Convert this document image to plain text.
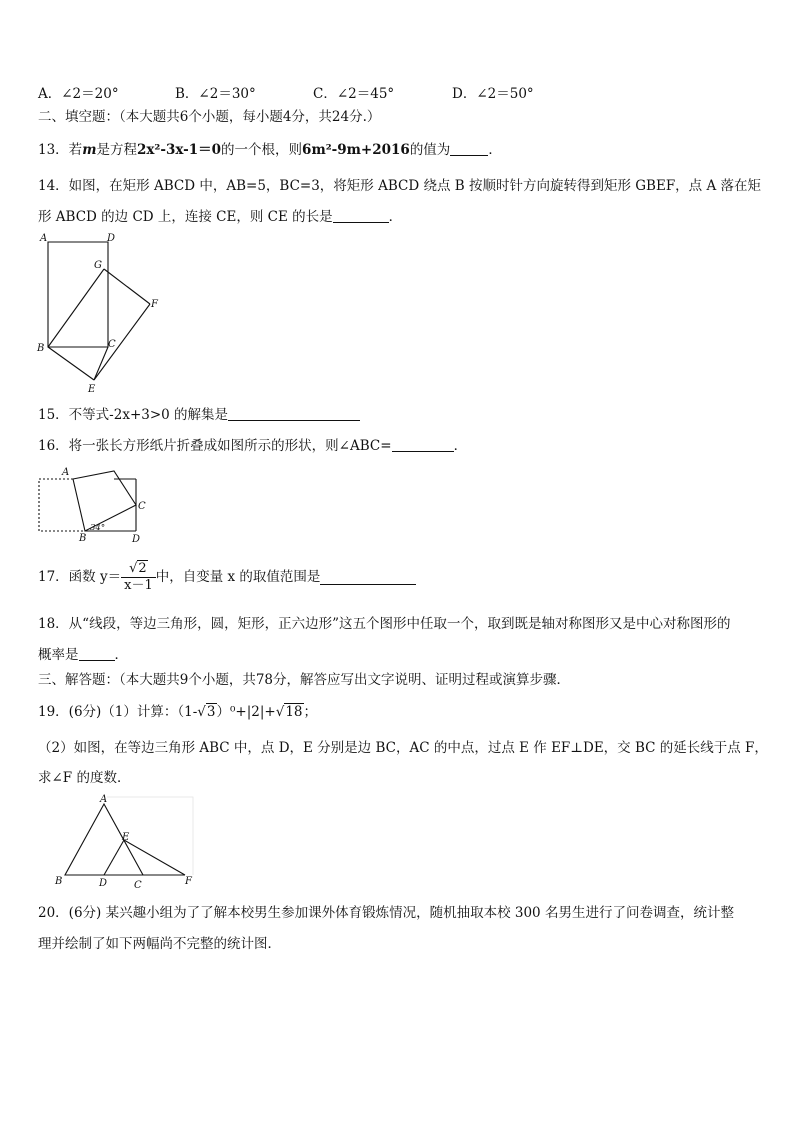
A．∠2＝20°	B．∠2＝30°	C．∠2＝45°	D．∠2＝50°
二、填空题：（本大题共6个小题，每小题4分，共24分.）
13．若m是方程2x²-3x-1＝0的一个根，则6m²-9m+2016的值为	．
14．如图，在矩形 ABCD 中，AB=5，BC=3，将矩形 ABCD 绕点 B 按顺时针方向旋转得到矩形 GBEF，点 A 落在矩
形 ABCD 的边 CD 上，连接 CE，则 CE 的长是	．
A	D
G
F
B	C
E
15．不等式-2x+3>0 的解集是
16．将一张长方形纸片折叠成如图所示的形状，则∠ABC=	．
A
C
B	D
34°
17．函数 $y= \frac{√2}{x-1}$ 中，自变量 x 的取值范围是
18．从“线段，等边三角形，圆，矩形，正六边形”这五个图形中任取一个，取到既是轴对称图形又是中心对称图形的
概率是	．
三、解答题：（本大题共9个小题，共78分，解答应写出文字说明、证明过程或演算步骤．
19．(6分)（1）计算：（1-√3）⁰+|2|+√18；
（2）如图，在等边三角形 ABC 中，点 D，E 分别是边 BC，AC 的中点，过点 E 作 EF⊥DE，交 BC 的延长线于点 F，
求∠F 的度数．
A
E
B	D	C	F
20．(6分) 某兴趣小组为了了解本校男生参加课外体育锻炼情况，随机抽取本校 300 名男生进行了问卷调查，统计整
理并绘制了如下两幅尚不完整的统计图．
